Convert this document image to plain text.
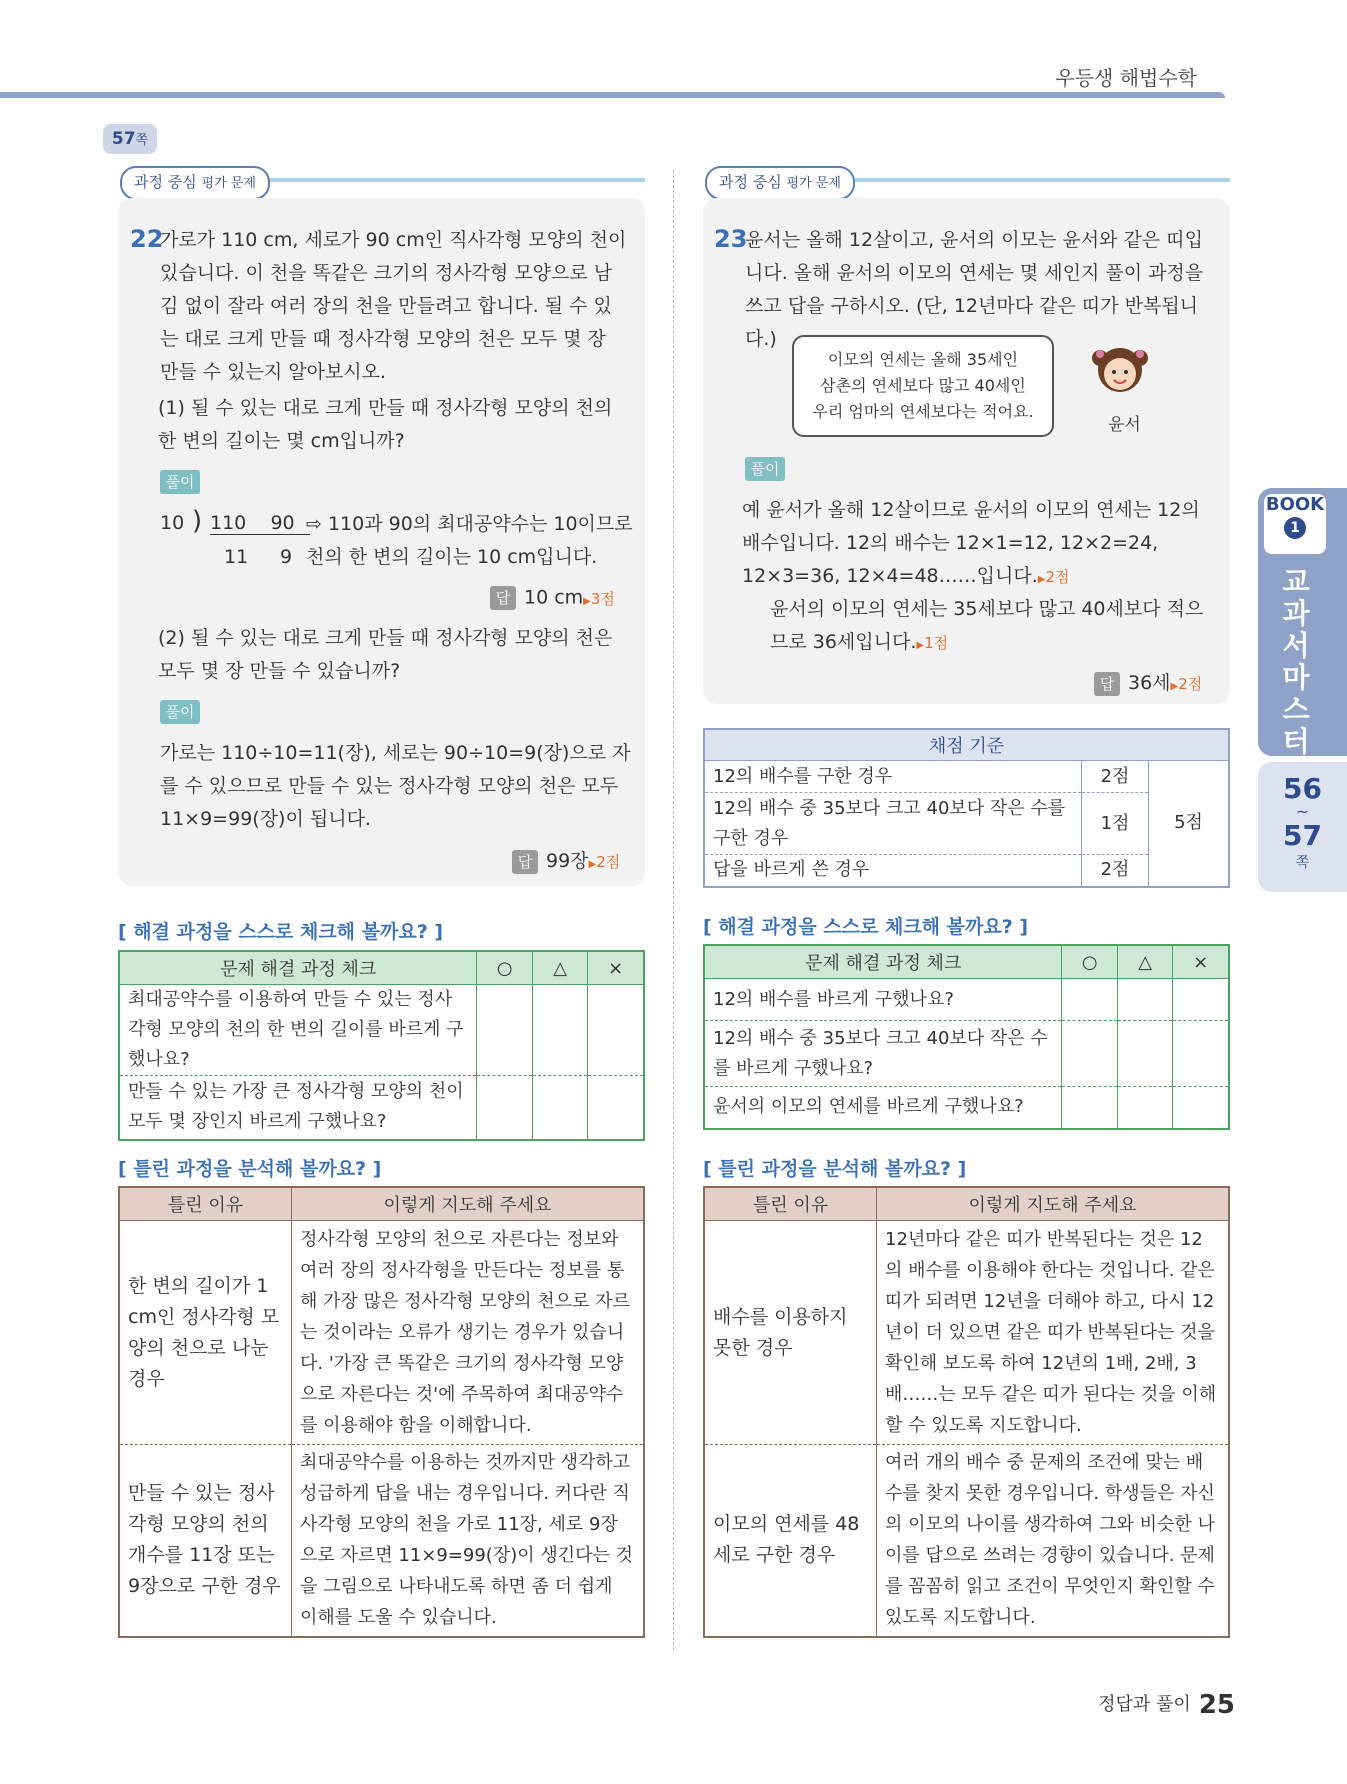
우등생 해법수학
57쪽
과정 중심 평가 문제
22
가로가 110 cm, 세로가 90 cm인 직사각형 모양의 천이 있습니다. 이 천을 똑같은 크기의 정사각형 모양으로 남김 없이 잘라 여러 장의 천을 만들려고 합니다. 될 수 있는 대로 크게 만들 때 정사각형 모양의 천은 모두 몇 장 만들 수 있는지 알아보시오.
(1) 될 수 있는 대로 크게 만들 때 정사각형 모양의 천의 한 변의 길이는 몇 cm입니까?
풀이
10 ) 110 90
11 9
⇨ 110과 90의 최대공약수는 10이므로 천의 한 변의 길이는 10 cm입니다.
답 10 cm ▶ 3점
(2) 될 수 있는 대로 크게 만들 때 정사각형 모양의 천은 모두 몇 장 만들 수 있습니까?
풀이
가로는 110÷10=11(장), 세로는 90÷10=9(장)으로 자를 수 있으므로 만들 수 있는 정사각형 모양의 천은 모두 11×9=99(장)이 됩니다.
답 99장 ▶ 2점
과정 중심 평가 문제
23
윤서는 올해 12살이고, 윤서의 이모는 윤서와 같은 띠입니다. 올해 윤서의 이모의 연세는 몇 세인지 풀이 과정을 쓰고 답을 구하시오. (단, 12년마다 같은 띠가 반복됩니다.)
이모의 연세는 올해 35세인
삼촌의 연세보다 많고 40세인
우리 엄마의 연세보다는 적어요.
윤서
풀이
예 윤서가 올해 12살이므로 윤서의 이모의 연세는 12의 배수입니다. 12의 배수는 12×1=12, 12×2=24, 12×3=36, 12×4=48……입니다. ▶ 2점
윤서의 이모의 연세는 35세보다 많고 40세보다 적으므로 36세입니다. ▶ 1점
답 36세 ▶ 2점
채점 기준		
12의 배수를 구한 경우	2점	5점
12의 배수 중 35보다 크고 40보다 작은 수를 구한 경우	1점	
답을 바르게 쓴 경우	2점	
BOOK
1
교과서 마스터
56
~
57
쪽
[ 해결 과정을 스스로 체크해 볼까요? ]
문제 해결 과정 체크	○	△	×
최대공약수를 이용하여 만들 수 있는 정사각형 모양의 천의 한 변의 길이를 바르게 구했나요?			
만들 수 있는 가장 큰 정사각형 모양의 천이 모두 몇 장인지 바르게 구했나요?			
[ 해결 과정을 스스로 체크해 볼까요? ]
문제 해결 과정 체크	○	△	×
12의 배수를 바르게 구했나요?			
12의 배수 중 35보다 크고 40보다 작은 수를 바르게 구했나요?			
윤서의 이모의 연세를 바르게 구했나요?			
[ 틀린 과정을 분석해 볼까요? ]
틀린 이유	이렇게 지도해 주세요
한 변의 길이가 1 cm인 정사각형 모양의 천으로 나눈 경우	정사각형 모양의 천으로 자른다는 정보와 여러 장의 정사각형을 만든다는 정보를 통해 가장 많은 정사각형 모양의 천으로 자르는 것이라는 오류가 생기는 경우가 있습니다. '가장 큰 똑같은 크기의 정사각형 모양으로 자른다는 것'에 주목하여 최대공약수를 이용해야 함을 이해합니다.
만들 수 있는 정사각형 모양의 천의 개수를 11장 또는 9장으로 구한 경우	최대공약수를 이용하는 것까지만 생각하고 성급하게 답을 내는 경우입니다. 커다란 직사각형 모양의 천을 가로 11장, 세로 9장으로 자르면 11×9=99(장)이 생긴다는 것을 그림으로 나타내도록 하면 좀 더 쉽게 이해를 도울 수 있습니다.
[ 틀린 과정을 분석해 볼까요? ]
틀린 이유	이렇게 지도해 주세요
배수를 이용하지 못한 경우	12년마다 같은 띠가 반복된다는 것은 12의 배수를 이용해야 한다는 것입니다. 같은 띠가 되려면 12년을 더해야 하고, 다시 12년이 더 있으면 같은 띠가 반복된다는 것을 확인해 보도록 하여 12년의 1배, 2배, 3배……는 모두 같은 띠가 된다는 것을 이해할 수 있도록 지도합니다.
이모의 연세를 48세로 구한 경우	여러 개의 배수 중 문제의 조건에 맞는 배수를 찾지 못한 경우입니다. 학생들은 자신의 이모의 나이를 생각하여 그와 비슷한 나이를 답으로 쓰려는 경향이 있습니다. 문제를 꼼꼼히 읽고 조건이 무엇인지 확인할 수 있도록 지도합니다.
정답과 풀이 25
